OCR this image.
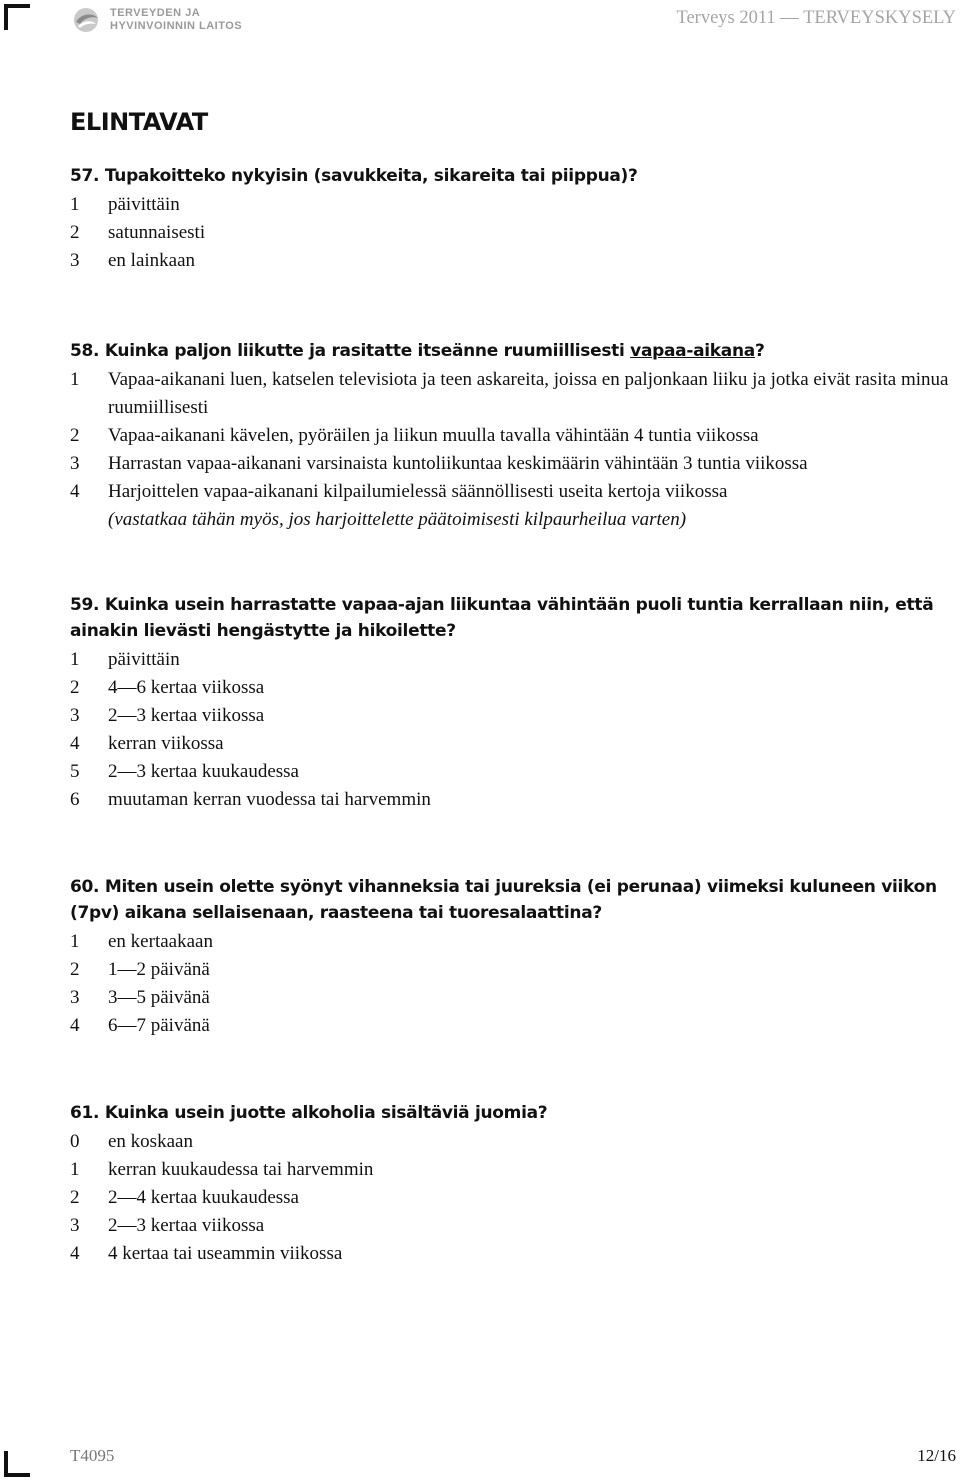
TERVEYDEN JA
HYVINVOINNIN LAITOS	Terveys 2011 — TERVEYSKYSELY
ELINTAVAT
57. Tupakoitteko nykyisin (savukkeita, sikareita tai piippua)?
1	päivittäin
2	satunnaisesti
3	en lainkaan
58. Kuinka paljon liikutte ja rasitatte itseänne ruumiillisesti vapaa-aikana?
1	Vapaa-aikanani luen, katselen televisiota ja teen askareita, joissa en paljonkaan liiku ja jotka eivät rasita minua ruumiillisesti
2	Vapaa-aikanani kävelen, pyöräilen ja liikun muulla tavalla vähintään 4 tuntia viikossa
3	Harrastan vapaa-aikanani varsinaista kuntoliikuntaa keskimäärin vähintään 3 tuntia viikossa
4	Harjoittelen vapaa-aikanani kilpailumielessä säännöllisesti useita kertoja viikossa
(vastatkaa tähän myös, jos harjoittelette päätoimisesti kilpaurheilua varten)
59. Kuinka usein harrastatte vapaa-ajan liikuntaa vähintään puoli tuntia kerrallaan niin, että ainakin lievästi hengästytte ja hikoilette?
1	päivittäin
2	4—6 kertaa viikossa
3	2—3 kertaa viikossa
4	kerran viikossa
5	2—3 kertaa kuukaudessa
6	muutaman kerran vuodessa tai harvemmin
60. Miten usein olette syönyt vihanneksia tai juureksia (ei perunaa) viimeksi kuluneen viikon (7pv) aikana sellaisenaan, raasteena tai tuoresalaattina?
1	en kertaakaan
2	1—2 päivänä
3	3—5 päivänä
4	6—7 päivänä
61. Kuinka usein juotte alkoholia sisältäviä juomia?
0	en koskaan
1	kerran kuukaudessa tai harvemmin
2	2—4 kertaa kuukaudessa
3	2—3 kertaa viikossa
4	4 kertaa tai useammin viikossa
T4095	12/16
